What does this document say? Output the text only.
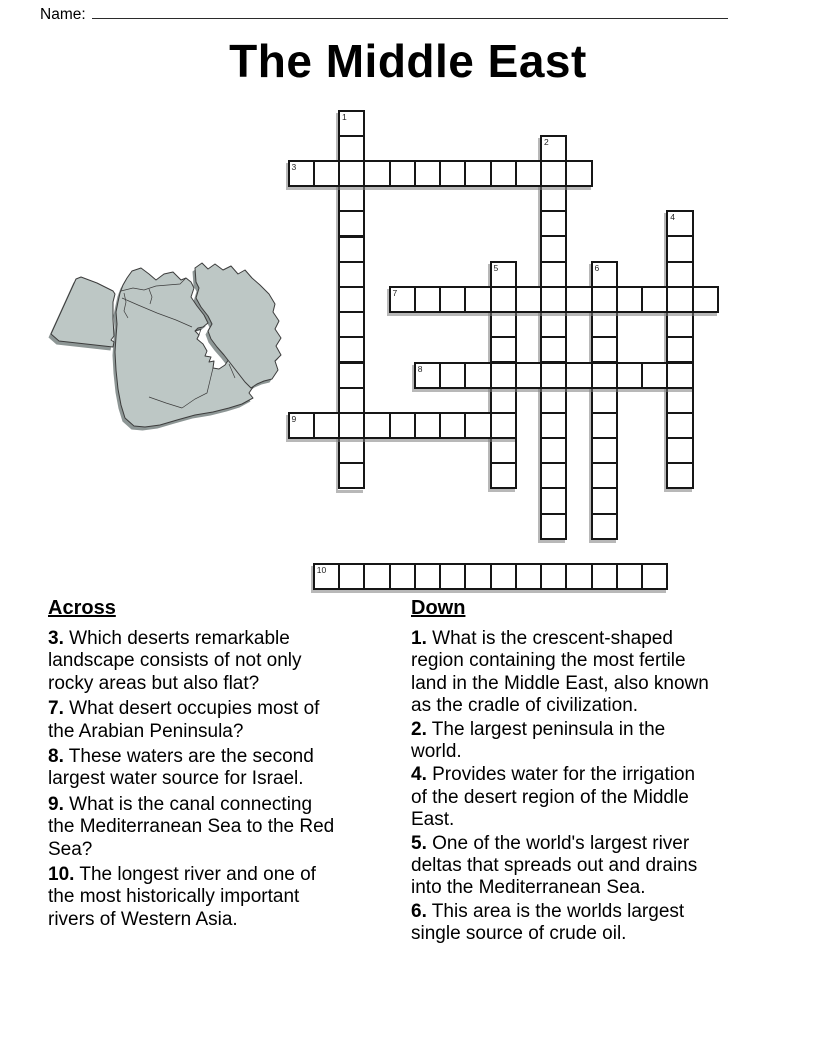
Name:
The Middle East
1
2
3
4
5	6
7
8
9
10
Across

3. Which deserts remarkable landscape consists of not only rocky areas but also flat?

7. What desert occupies most of the Arabian Peninsula?

8. These waters are the second largest water source for Israel.

9. What is the canal connecting the Mediterranean Sea to the Red Sea?

10. The longest river and one of the most historically important rivers of Western Asia.

Down

1. What is the crescent-shaped region containing the most fertile land in the Middle East, also known as the cradle of civilization.

2. The largest peninsula in the world.

4. Provides water for the irrigation of the desert region of the Middle East.

5. One of the world's largest river deltas that spreads out and drains into the Mediterranean Sea.

6. This area is the worlds largest single source of crude oil.
